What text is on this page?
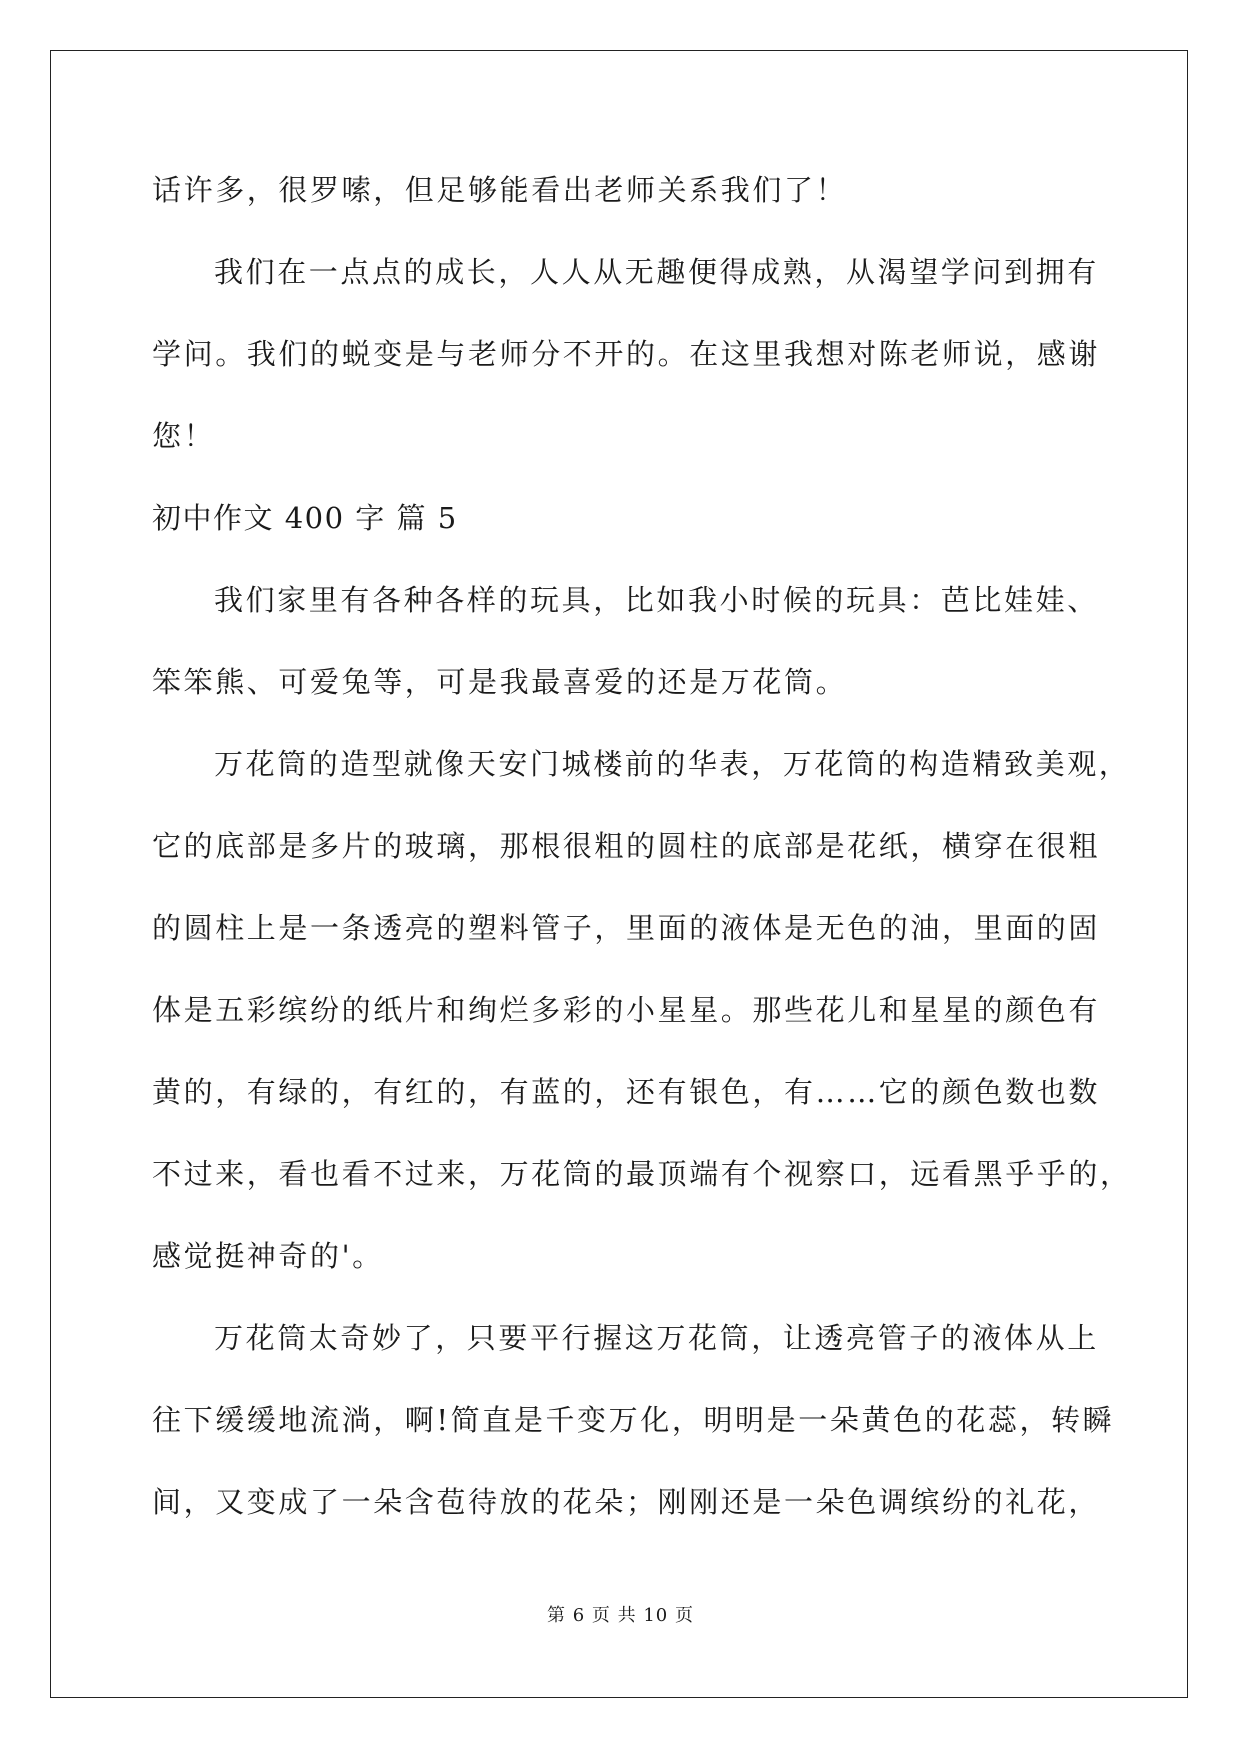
话许多，很罗嗦，但足够能看出老师关系我们了！
我们在一点点的成长，人人从无趣便得成熟，从渴望学问到拥有
学问。我们的蜕变是与老师分不开的。在这里我想对陈老师说，感谢
您！
初中作文 400 字 篇 5
我们家里有各种各样的玩具，比如我小时候的玩具：芭比娃娃、
笨笨熊、可爱兔等，可是我最喜爱的还是万花筒。
万花筒的造型就像天安门城楼前的华表，万花筒的构造精致美观，
它的底部是多片的玻璃，那根很粗的圆柱的底部是花纸，横穿在很粗
的圆柱上是一条透亮的塑料管子，里面的液体是无色的油，里面的固
体是五彩缤纷的纸片和绚烂多彩的小星星。那些花儿和星星的颜色有
黄的，有绿的，有红的，有蓝的，还有银色，有……它的颜色数也数
不过来，看也看不过来，万花筒的最顶端有个视察口，远看黑乎乎的，
感觉挺神奇的'。
万花筒太奇妙了，只要平行握这万花筒，让透亮管子的液体从上
往下缓缓地流淌，啊!简直是千变万化，明明是一朵黄色的花蕊，转瞬
间，又变成了一朵含苞待放的花朵；刚刚还是一朵色调缤纷的礼花，
第 6 页 共 10 页
